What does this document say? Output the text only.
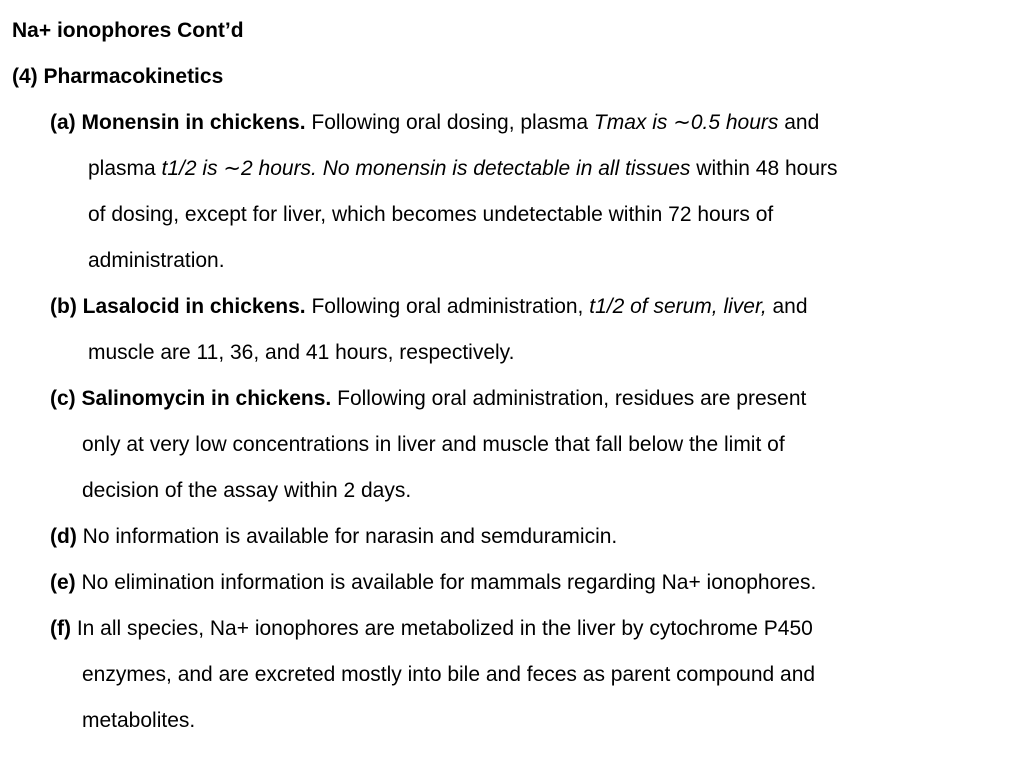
Na+ ionophores Cont’d
(4) Pharmacokinetics
(a) Monensin in chickens. Following oral dosing, plasma Tmax is ∼0.5 hours and
plasma t1/2 is ∼2 hours. No monensin is detectable in all tissues within 48 hours
of dosing, except for liver, which becomes undetectable within 72 hours of
administration.
(b) Lasalocid in chickens. Following oral administration, t1/2 of serum, liver, and
muscle are 11, 36, and 41 hours, respectively.
(c) Salinomycin in chickens. Following oral administration, residues are present
only at very low concentrations in liver and muscle that fall below the limit of
decision of the assay within 2 days.
(d) No information is available for narasin and semduramicin.
(e) No elimination information is available for mammals regarding Na+ ionophores.
(f) In all species, Na+ ionophores are metabolized in the liver by cytochrome P450
enzymes, and are excreted mostly into bile and feces as parent compound and
metabolites.
